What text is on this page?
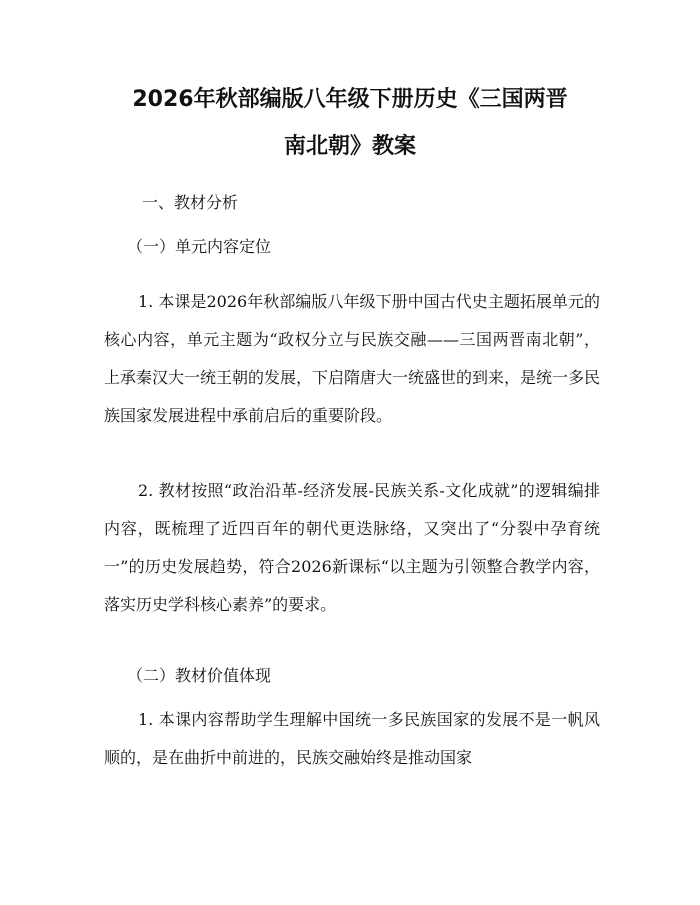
2026年秋部编版八年级下册历史《三国两晋
南北朝》教案
一、教材分析
（一）单元内容定位

1. 本课是2026年秋部编版八年级下册中国古代史主题拓展单元的核心内容，单元主题为“政权分立与民族交融——三国两晋南北朝”，上承秦汉大一统王朝的发展，下启隋唐大一统盛世的到来，是统一多民族国家发展进程中承前启后的重要阶段。

2. 教材按照“政治沿革-经济发展-民族关系-文化成就”的逻辑编排内容，既梳理了近四百年的朝代更迭脉络，又突出了“分裂中孕育统一”的历史发展趋势，符合2026新课标“以主题为引领整合教学内容，落实历史学科核心素养”的要求。

（二）教材价值体现

1. 本课内容帮助学生理解中国统一多民族国家的发展不是一帆风顺的，是在曲折中前进的，民族交融始终是推动国家
